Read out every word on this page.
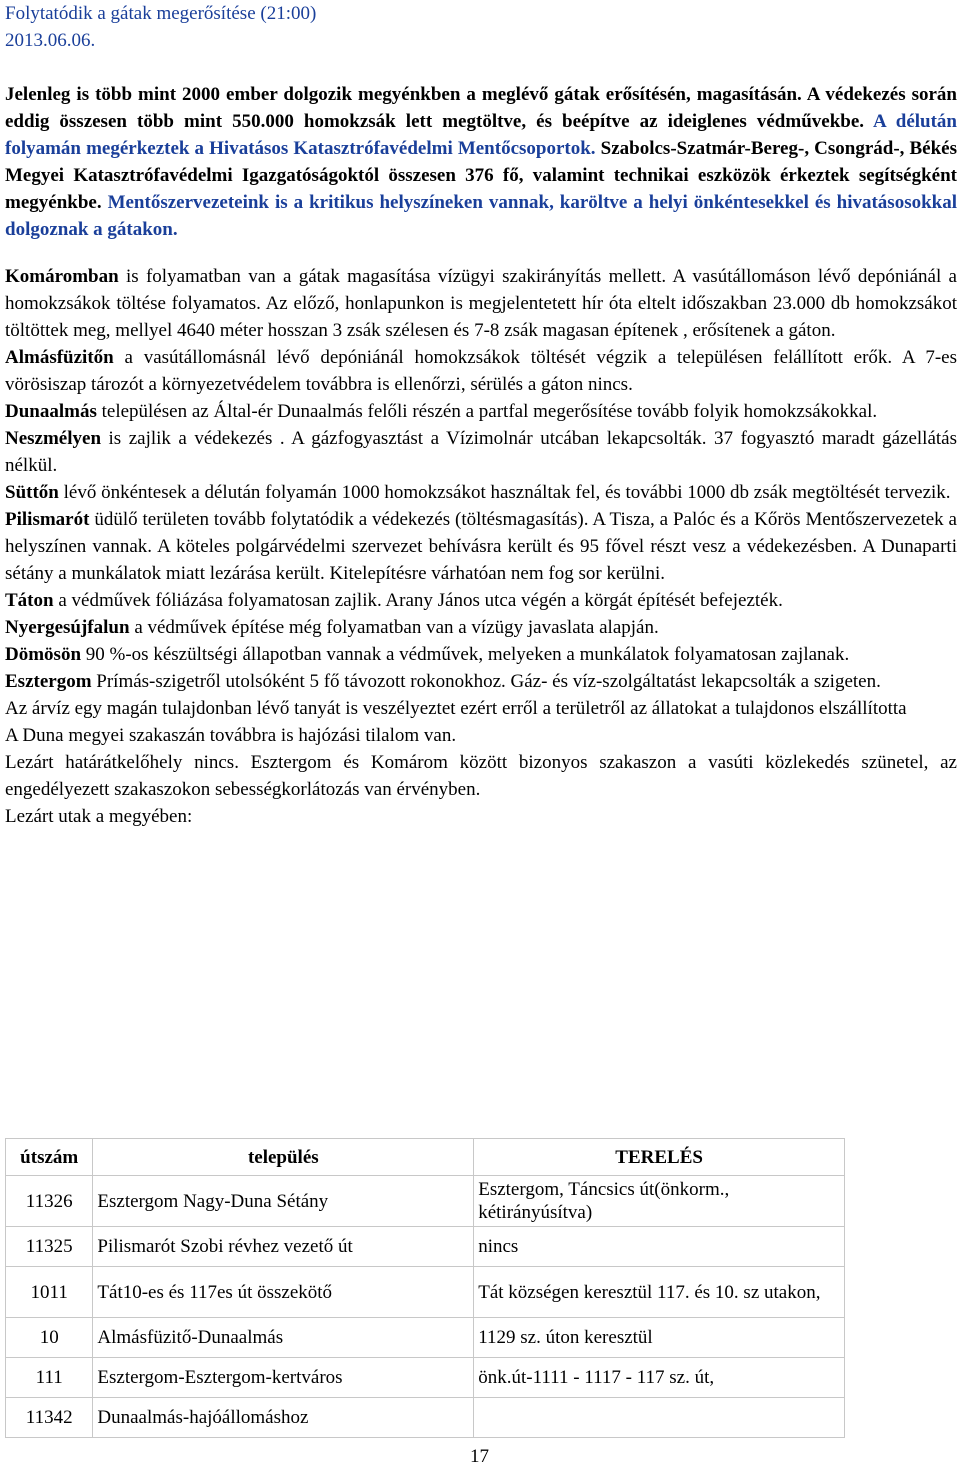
Folytatódik a gátak megerősítése (21:00)
2013.06.06.
Jelenleg is több mint 2000 ember dolgozik megyénkben a meglévő gátak erősítésén, magasításán. A védekezés során eddig összesen több mint 550.000 homokzsák lett megtöltve, és beépítve az ideiglenes védművekbe. A délután folyamán megérkeztek a Hivatásos Katasztrófavédelmi Mentőcsoportok. Szabolcs-Szatmár-Bereg-, Csongrád-, Békés Megyei Katasztrófavédelmi Igazgatóságoktól összesen 376 fő, valamint technikai eszközök érkeztek segítségként megyénkbe. Mentőszervezeteink is a kritikus helyszíneken vannak, karöltve a helyi önkéntesekkel és hivatásosokkal dolgoznak a gátakon.

Komáromban is folyamatban van a gátak magasítása vízügyi szakirányítás mellett. A vasútállomáson lévő depóniánál a homokzsákok töltése folyamatos. Az előző, honlapunkon is megjelentetett hír óta eltelt időszakban 23.000 db homokzsákot töltöttek meg, mellyel 4640 méter hosszan 3 zsák szélesen és 7-8 zsák magasan építenek , erősítenek a gáton.

Almásfüzitőn a vasútállomásnál lévő depóniánál homokzsákok töltését végzik a településen felállított erők. A 7-es vörösiszap tározót a környezetvédelem továbbra is ellenőrzi, sérülés a gáton nincs.

Dunaalmás településen az Által-ér Dunaalmás felőli részén a partfal megerősítése tovább folyik homokzsákokkal.

Neszmélyen is zajlik a védekezés . A gázfogyasztást a Vízimolnár utcában lekapcsolták. 37 fogyasztó maradt gázellátás nélkül.

Süttőn lévő önkéntesek a délután folyamán 1000 homokzsákot használtak fel, és további 1000 db zsák megtöltését tervezik.

Pilismarót üdülő területen tovább folytatódik a védekezés (töltésmagasítás). A Tisza, a Palóc és a Kőrös Mentőszervezetek a helyszínen vannak. A köteles polgárvédelmi szervezet behívásra került és 95 fővel részt vesz a védekezésben. A Dunaparti sétány a munkálatok miatt lezárása került. Kitelepítésre várhatóan nem fog sor kerülni.

Táton a védművek fóliázása folyamatosan zajlik. Arany János utca végén a körgát építését befejezték.

Nyergesújfalun a védművek építése még folyamatban van a vízügy javaslata alapján.

Dömösön 90 %-os készültségi állapotban vannak a védművek, melyeken a munkálatok folyamatosan zajlanak.

Esztergom Prímás-szigetről utolsóként 5 fő távozott rokonokhoz. Gáz- és víz-szolgáltatást lekapcsolták a szigeten.

Az árvíz egy magán tulajdonban lévő tanyát is veszélyeztet ezért erről a területről az állatokat a tulajdonos elszállította

A Duna megyei szakaszán továbbra is hajózási tilalom van.

Lezárt határátkelőhely nincs. Esztergom és Komárom között bizonyos szakaszon a vasúti közlekedés szünetel, az engedélyezett szakaszokon sebességkorlátozás van érvényben.

Lezárt utak a megyében:

útszám	település	TERELÉS
11326	Esztergom Nagy-Duna Sétány	Esztergom, Táncsics út(önkorm., kétirányúsítva)
11325	Pilismarót Szobi révhez vezető út	nincs
1011	Tát10-es és 117es út összekötő	Tát községen keresztül 117. és 10. sz utakon,
10	Almásfüzitő-Dunaalmás	1129 sz. úton keresztül
111	Esztergom-Esztergom-kertváros	önk.út-1111 - 1117 - 117 sz. út,
11342	Dunaalmás-hajóállomáshoz	
17
